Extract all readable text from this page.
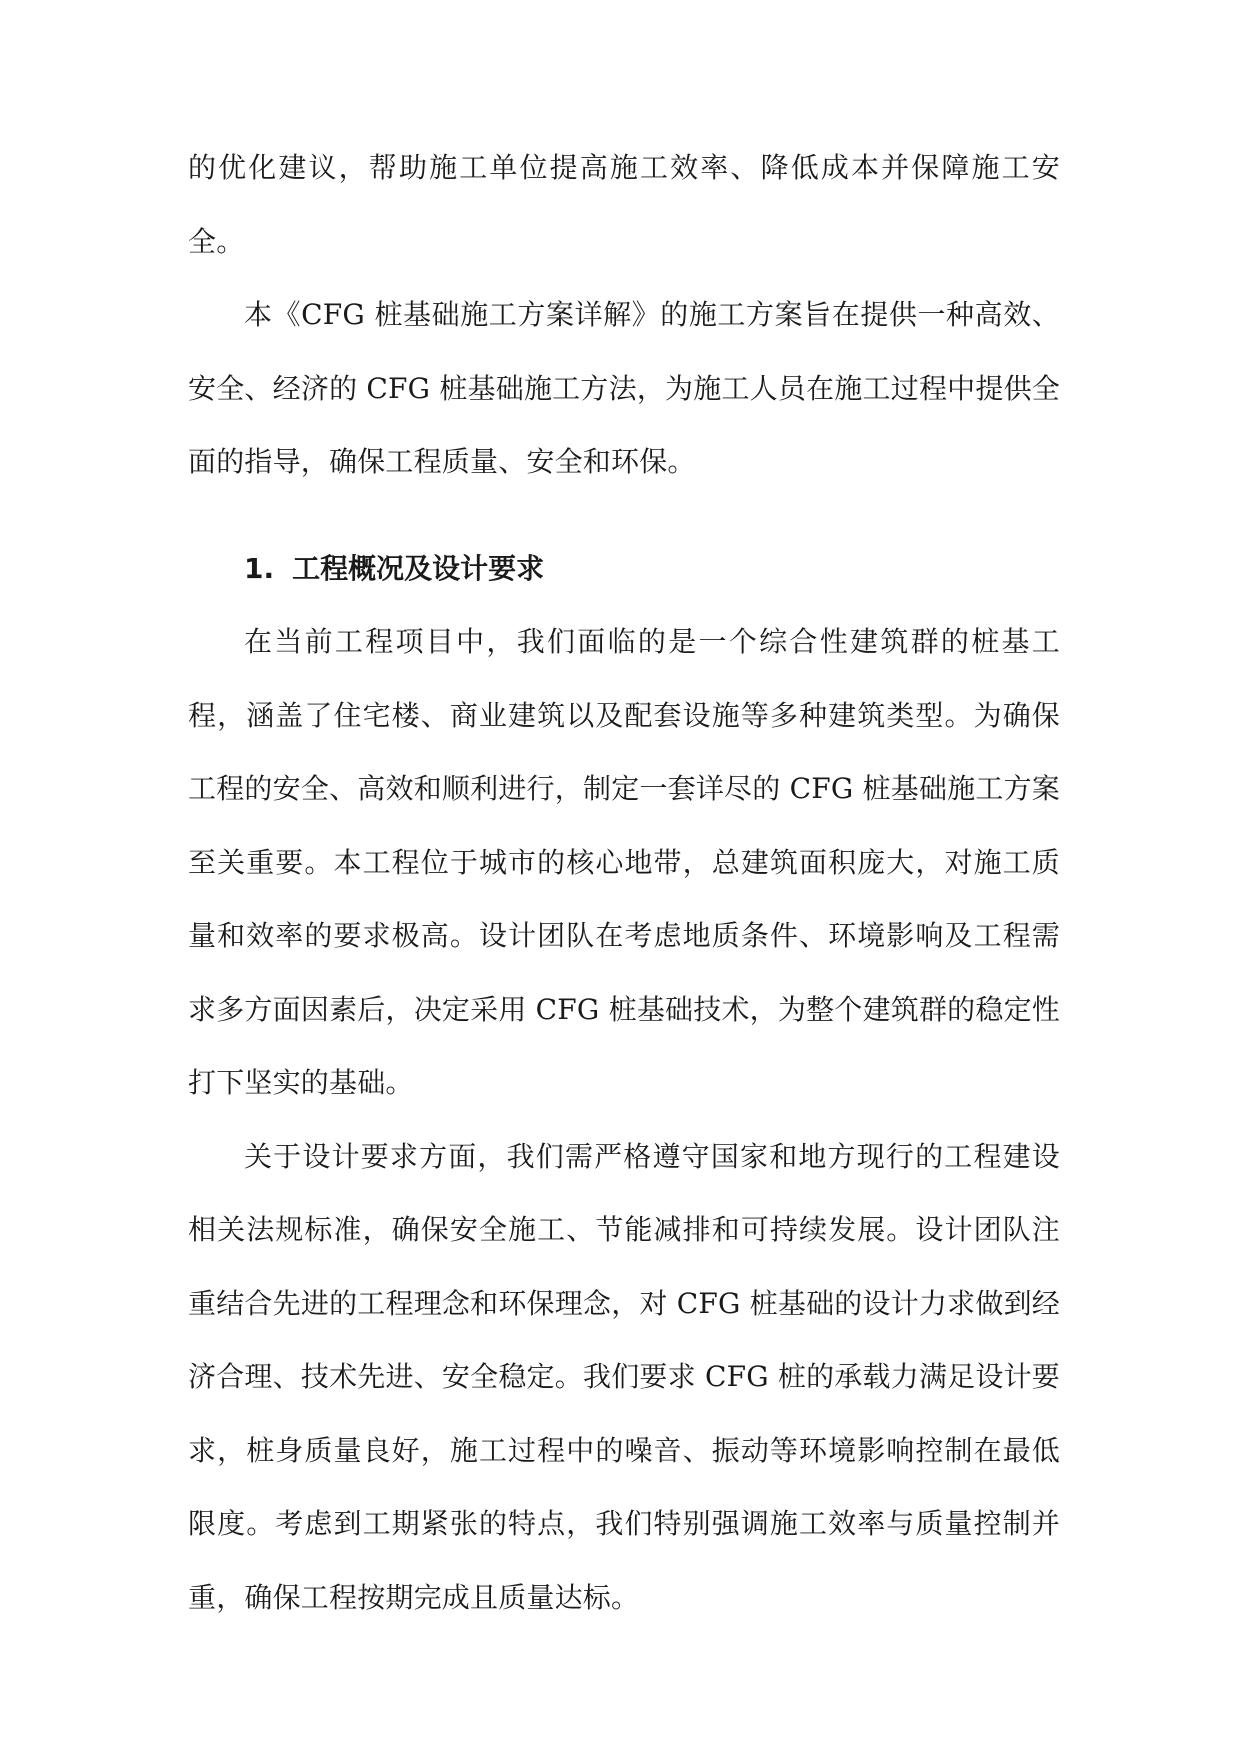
的优化建议，帮助施工单位提高施工效率、降低成本并保障施工安全。

本《CFG 桩基础施工方案详解》的施工方案旨在提供一种高效、安全、经济的 CFG 桩基础施工方法，为施工人员在施工过程中提供全面的指导，确保工程质量、安全和环保。

1. 工程概况及设计要求

在当前工程项目中，我们面临的是一个综合性建筑群的桩基工程，涵盖了住宅楼、商业建筑以及配套设施等多种建筑类型。为确保工程的安全、高效和顺利进行，制定一套详尽的 CFG 桩基础施工方案至关重要。本工程位于城市的核心地带，总建筑面积庞大，对施工质量和效率的要求极高。设计团队在考虑地质条件、环境影响及工程需求多方面因素后，决定采用 CFG 桩基础技术，为整个建筑群的稳定性打下坚实的基础。

关于设计要求方面，我们需严格遵守国家和地方现行的工程建设相关法规标准，确保安全施工、节能减排和可持续发展。设计团队注重结合先进的工程理念和环保理念，对 CFG 桩基础的设计力求做到经济合理、技术先进、安全稳定。我们要求 CFG 桩的承载力满足设计要求，桩身质量良好，施工过程中的噪音、振动等环境影响控制在最低限度。考虑到工期紧张的特点，我们特别强调施工效率与质量控制并重，确保工程按期完成且质量达标。
